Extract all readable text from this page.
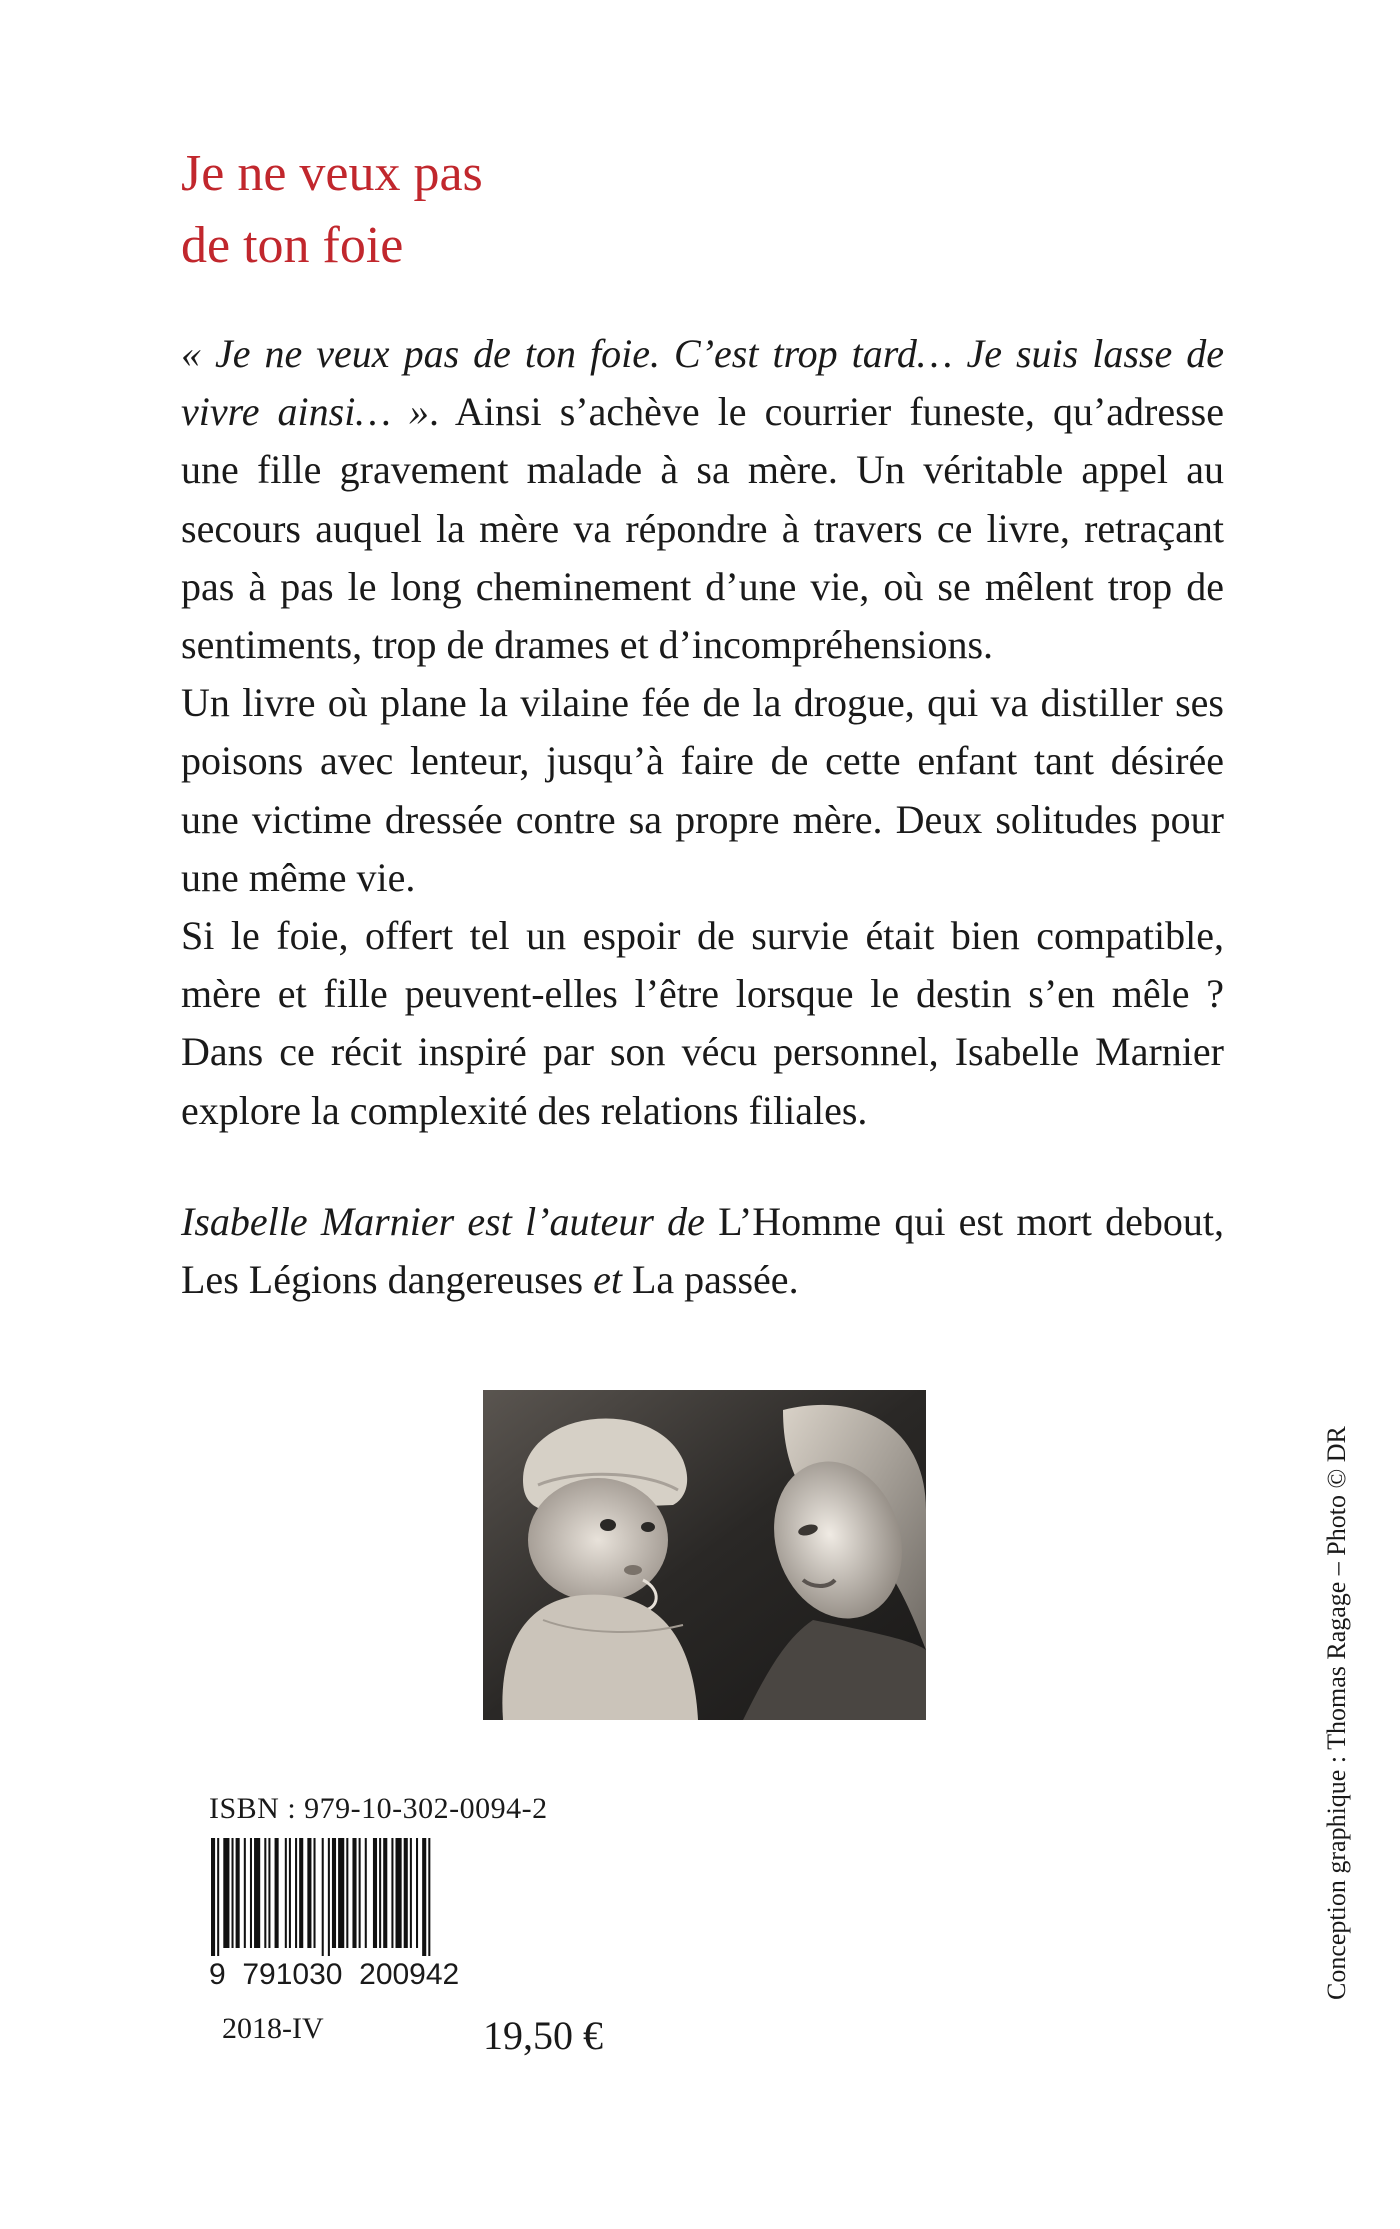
Je ne veux pas
de ton foie

« Je ne veux pas de ton foie. C’est trop tard… Je suis lasse de vivre ainsi… ». Ainsi s’achève le courrier funeste, qu’adresse une fille gravement malade à sa mère. Un véritable appel au secours auquel la mère va répondre à travers ce livre, retraçant pas à pas le long cheminement d’une vie, où se mêlent trop de sentiments, trop de drames et d’incompréhensions.

Un livre où plane la vilaine fée de la drogue, qui va distiller ses poisons avec lenteur, jusqu’à faire de cette enfant tant désirée une victime dressée contre sa propre mère. Deux solitudes pour une même vie.

Si le foie, offert tel un espoir de survie était bien compatible, mère et fille peuvent-elles l’être lorsque le destin s’en mêle ? Dans ce récit inspiré par son vécu personnel, Isabelle Marnier explore la complexité des relations filiales.

Isabelle Marnier est l’auteur de L’Homme qui est mort debout, Les Légions dangereuses et La passée.

ISBN : 979-10-302-0094-2
9  791030  200942
2018-IV	19,50 €
Conception graphique : Thomas Ragage – Photo © DR
